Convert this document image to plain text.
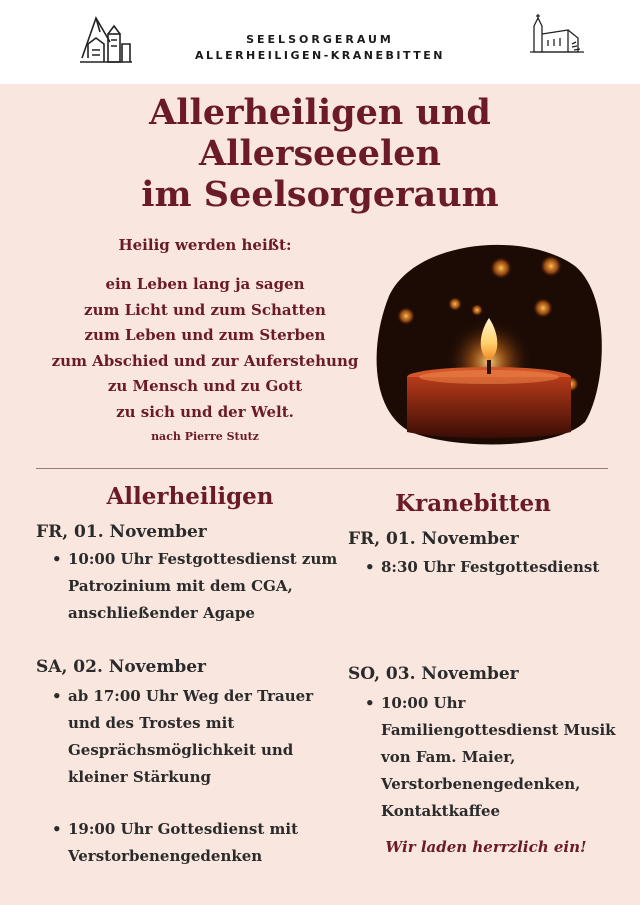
SEELSORGERAUM
ALLERHEILIGEN-KRANEBITTEN
Allerheiligen und
Allerseeelen
im Seelsorgeraum
Heilig werden heißt:
ein Leben lang ja sagen
zum Licht und zum Schatten
zum Leben und zum Sterben
zum Abschied und zur Auferstehung
zu Mensch und zu Gott
zu sich und der Welt.
nach Pierre Stutz
Allerheiligen
FR, 01. November
• 10:00 Uhr Festgottesdienst zum Patrozinium mit dem CGA, anschließender Agape
SA, 02. November
• ab 17:00 Uhr Weg der Trauer und des Trostes mit Gesprächsmöglichkeit und kleiner Stärkung
• 19:00 Uhr Gottesdienst mit Verstorbenengedenken
Kranebitten
FR, 01. November
• 8:30 Uhr Festgottesdienst
SO, 03. November
• 10:00 Uhr Familiengottesdienst Musik von Fam. Maier, Verstorbenengedenken, Kontaktkaffee
Wir laden herrzlich ein!
